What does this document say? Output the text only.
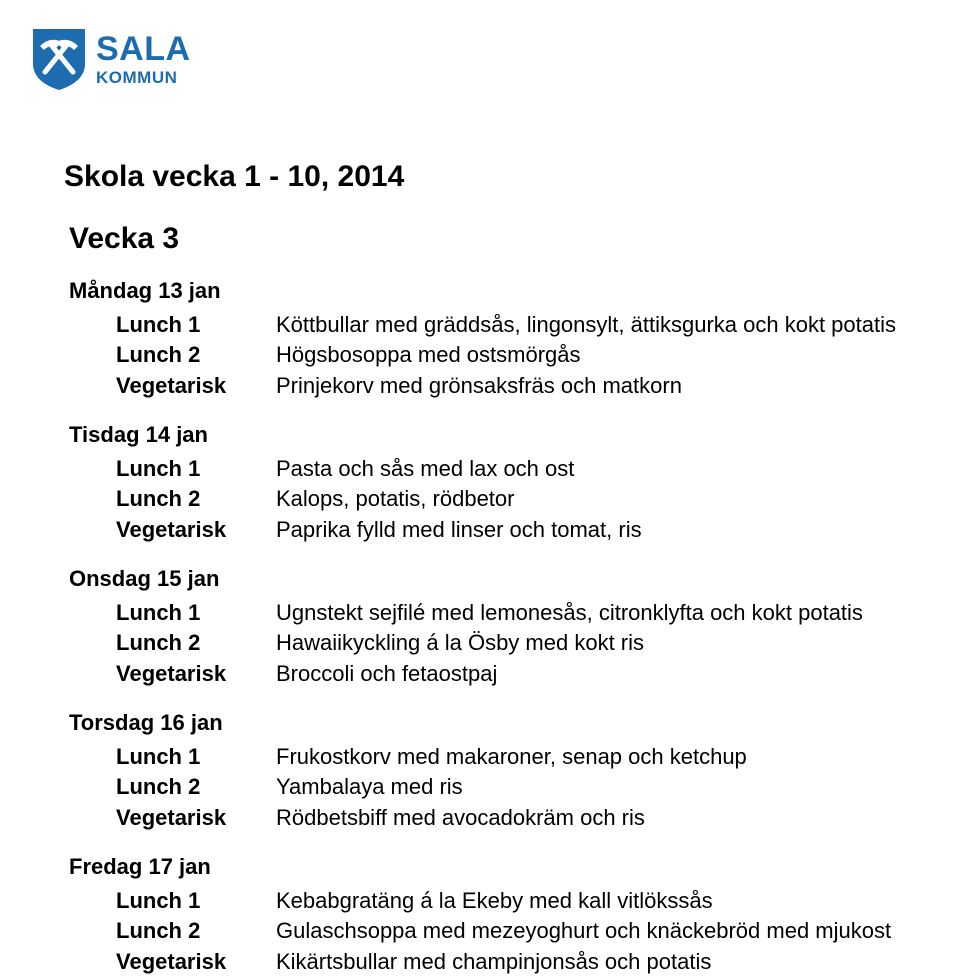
SALA
KOMMUN
Skola vecka 1 - 10, 2014
Vecka 3
Måndag 13 jan
Lunch 1	Köttbullar med gräddsås, lingonsylt, ättiksgurka och kokt potatis
Lunch 2	Högsbosoppa med ostsmörgås
Vegetarisk Prinjekorv med grönsaksfräs och matkorn
Tisdag 14 jan
Lunch 1	Pasta och sås med lax och ost
Lunch 2	Kalops, potatis, rödbetor
Vegetarisk Paprika fylld med linser och tomat, ris
Onsdag 15 jan
Lunch 1	Ugnstekt sejfilé med lemonesås, citronklyfta och kokt potatis
Lunch 2	Hawaiikyckling á la Ösby med kokt ris
Vegetarisk Broccoli och fetaostpaj
Torsdag 16 jan
Lunch 1	Frukostkorv med makaroner, senap och ketchup
Lunch 2	Yambalaya med ris
Vegetarisk Rödbetsbiff med avocadokräm och ris
Fredag 17 jan
Lunch 1	Kebabgratäng á la Ekeby med kall vitlökssås
Lunch 2	Gulaschsoppa med mezeyoghurt och knäckebröd med mjukost
Vegetarisk Kikärtsbullar med champinjonsås och potatis
